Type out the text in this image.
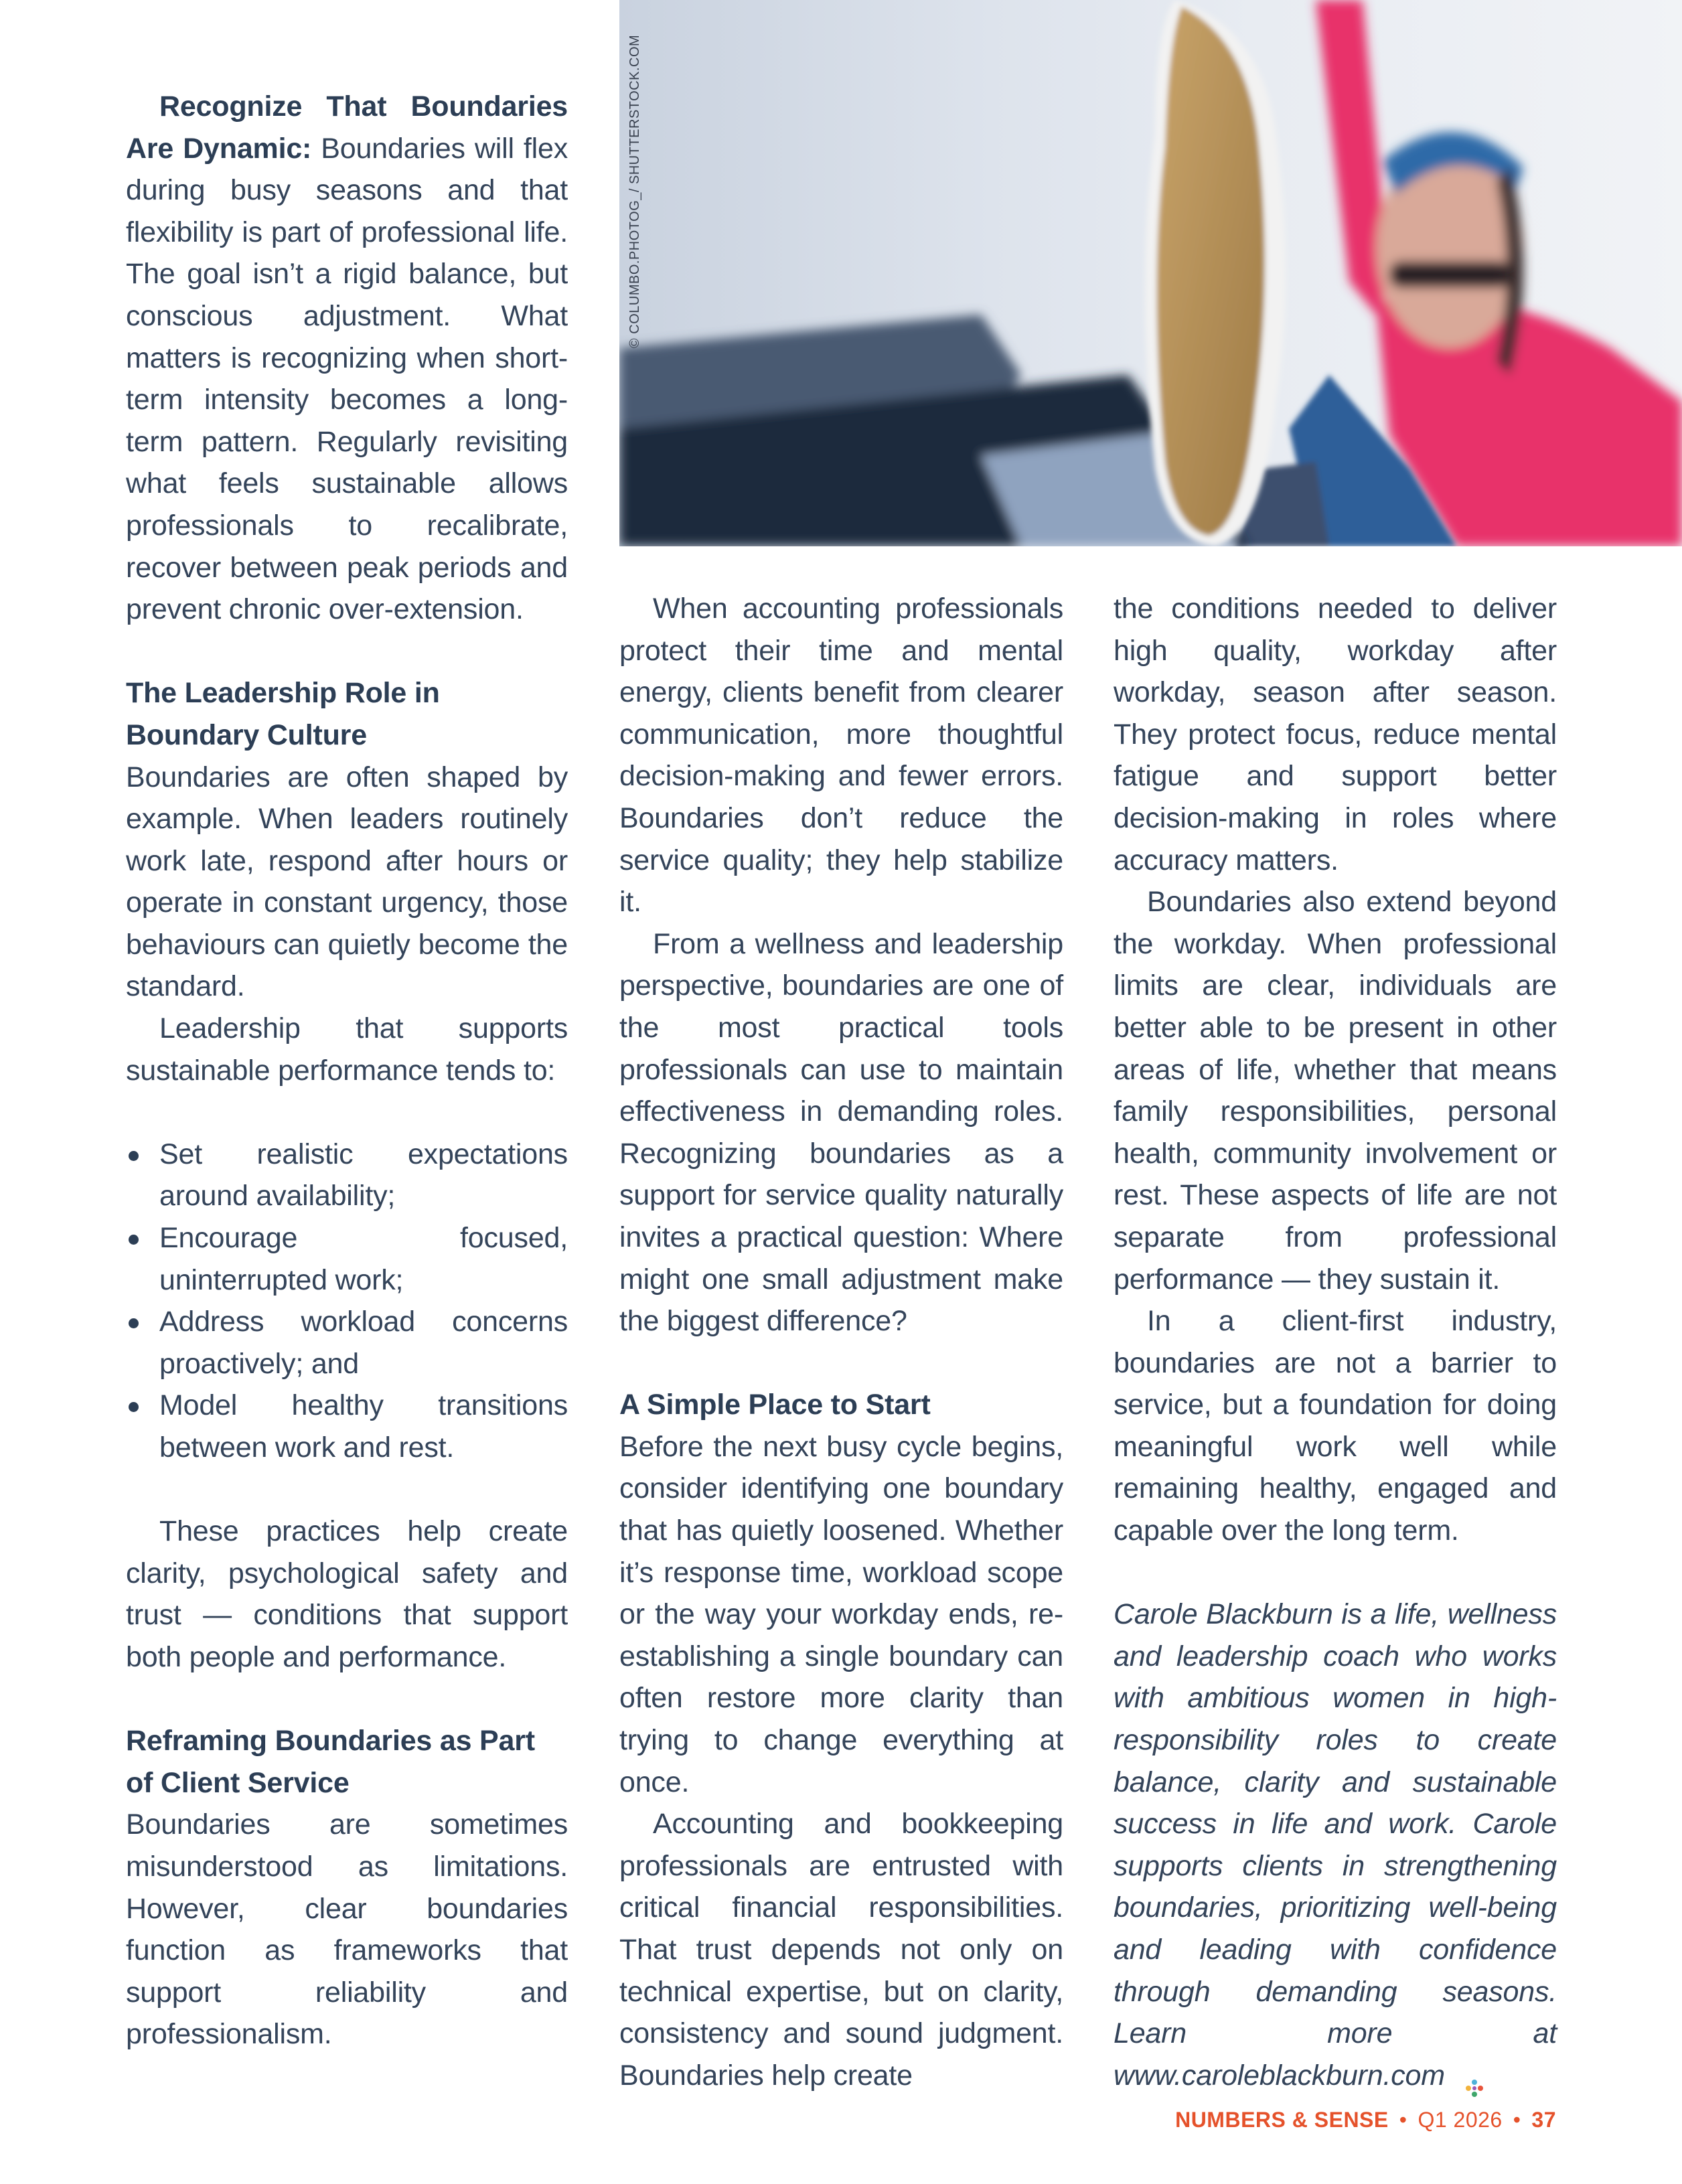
© COLUMBO.PHOTOG_/ SHUTTERSTOCK.COM

Recognize That Boundaries Are Dynamic: Boundaries will flex during busy seasons and that flexibility is part of professional life. The goal isn’t a rigid balance, but conscious adjustment. What matters is recognizing when short-term intensity becomes a long-term pattern. Regularly revisiting what feels sustainable allows professionals to recalibrate, recover between peak periods and prevent chronic over-extension.

The Leadership Role in Boundary Culture

Boundaries are often shaped by example. When leaders routinely work late, respond after hours or operate in constant urgency, those behaviours can quietly become the standard.

Leadership that supports sustainable performance tends to:

Set realistic expectations around availability;
Encourage focused, uninterrupted work;
Address workload concerns proactively; and
Model healthy transitions between work and rest.

These practices help create clarity, psychological safety and trust — conditions that support both people and performance.

Reframing Boundaries as Part of Client Service

Boundaries are sometimes misunderstood as limitations. However, clear boundaries function as frameworks that support reliability and professionalism.

When accounting professionals protect their time and mental energy, clients benefit from clearer communication, more thoughtful decision-making and fewer errors. Boundaries don’t reduce the service quality; they help stabilize it.

From a wellness and leadership perspective, boundaries are one of the most practical tools professionals can use to maintain effectiveness in demanding roles. Recognizing boundaries as a support for service quality naturally invites a practical question: Where might one small adjustment make the biggest difference?

A Simple Place to Start

Before the next busy cycle begins, consider identifying one boundary that has quietly loosened. Whether it’s response time, workload scope or the way your workday ends, re-establishing a single boundary can often restore more clarity than trying to change everything at once.

Accounting and bookkeeping professionals are entrusted with critical financial responsibilities. That trust depends not only on technical expertise, but on clarity, consistency and sound judgment. Boundaries help create

the conditions needed to deliver high quality, workday after workday, season after season. They protect focus, reduce mental fatigue and support better decision-making in roles where accuracy matters.

Boundaries also extend beyond the workday. When professional limits are clear, individuals are better able to be present in other areas of life, whether that means family responsibilities, personal health, community involvement or rest. These aspects of life are not separate from professional performance — they sustain it.

In a client-first industry, boundaries are not a barrier to service, but a foundation for doing meaningful work well while remaining healthy, engaged and capable over the long term.

Carole Blackburn is a life, wellness and leadership coach who works with ambitious women in high-responsibility roles to create balance, clarity and sustainable success in life and work. Carole supports clients in strengthening boundaries, prioritizing well-being and leading with confidence through demanding seasons. Learn more at www.caroleblackburn.com

NUMBERS & SENSE • Q1 2026 • 37
